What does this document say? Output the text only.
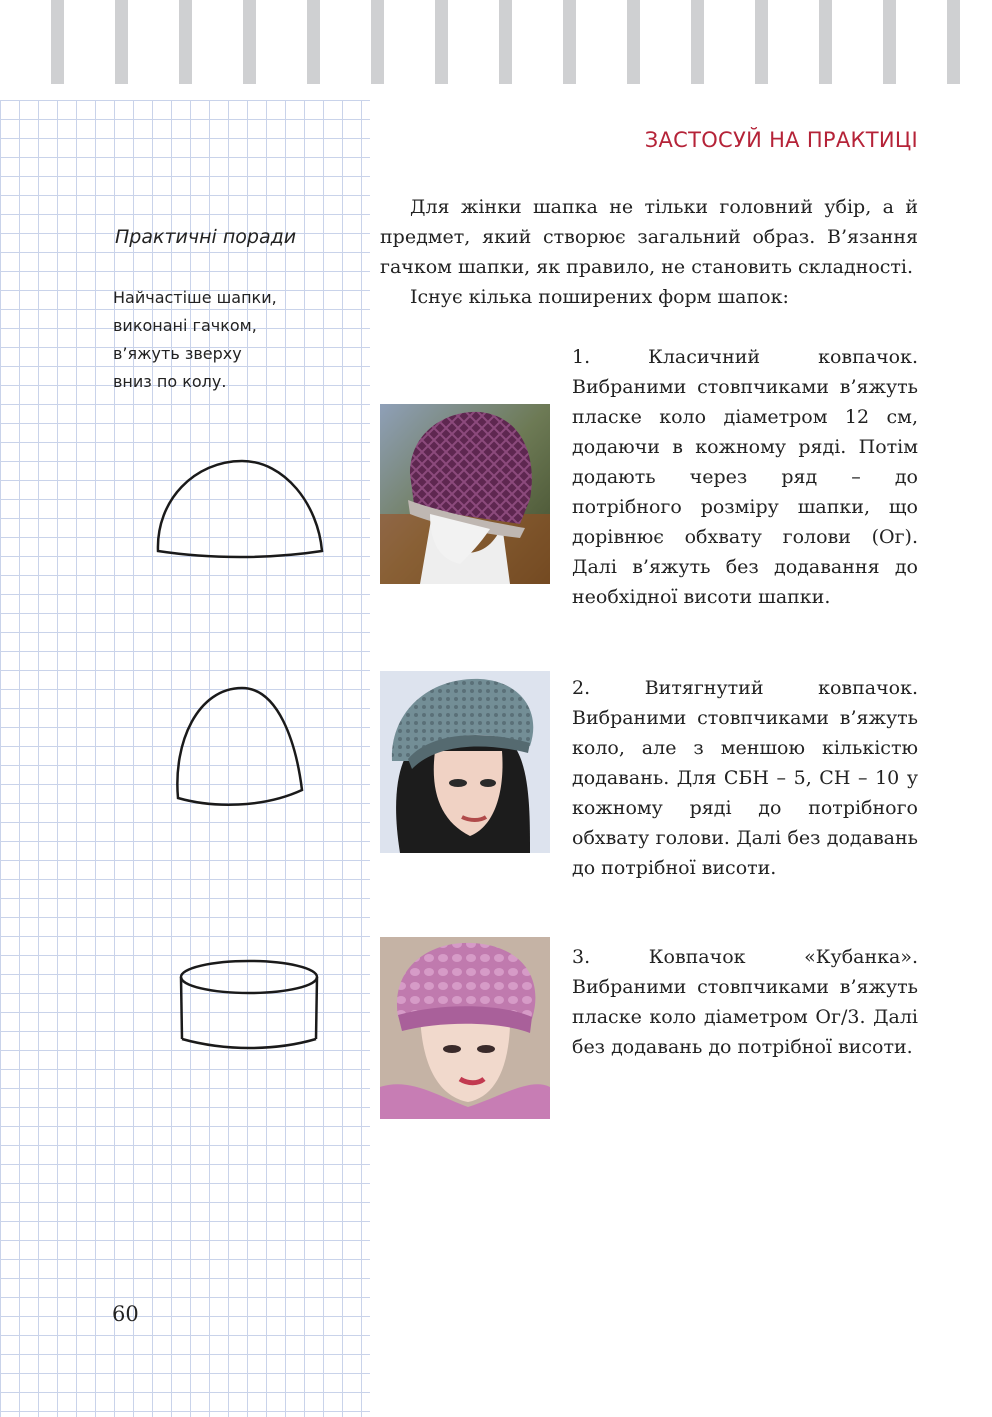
ЗАСТОСУЙ НА ПРАКТИЦІ
Практичні поради

Найчастіше шапки,
виконані гачком,
в’яжуть зверху
вниз по колу.

Для жінки шапка не тільки головний убір, а й предмет, який створює загальний образ. В’язання гачком шапки, як правило, не становить складності.

Існує кілька поширених форм шапок:

1. Класичний ковпачок. Вибраними стовпчиками в’яжуть пласке коло діаметром 12 см, додаючи в кожному ряді. Потім додають через ряд – до потрібного розміру шапки, що дорівнює обхвату голови (Ог). Далі в’яжуть без додавання до необхідної висоти шапки.

2. Витягнутий ковпачок. Вибраними стовпчиками в’яжуть коло, але з меншою кількістю додавань. Для СБН – 5, СН – 10 у кожному ряді до потрібного обхвату голови. Далі без додавань до потрібної висоти.

3. Ковпачок «Кубанка». Вибраними стовпчиками в’яжуть пласке коло діаметром Ог/3. Далі без додавань до потрібної висоти.

60
